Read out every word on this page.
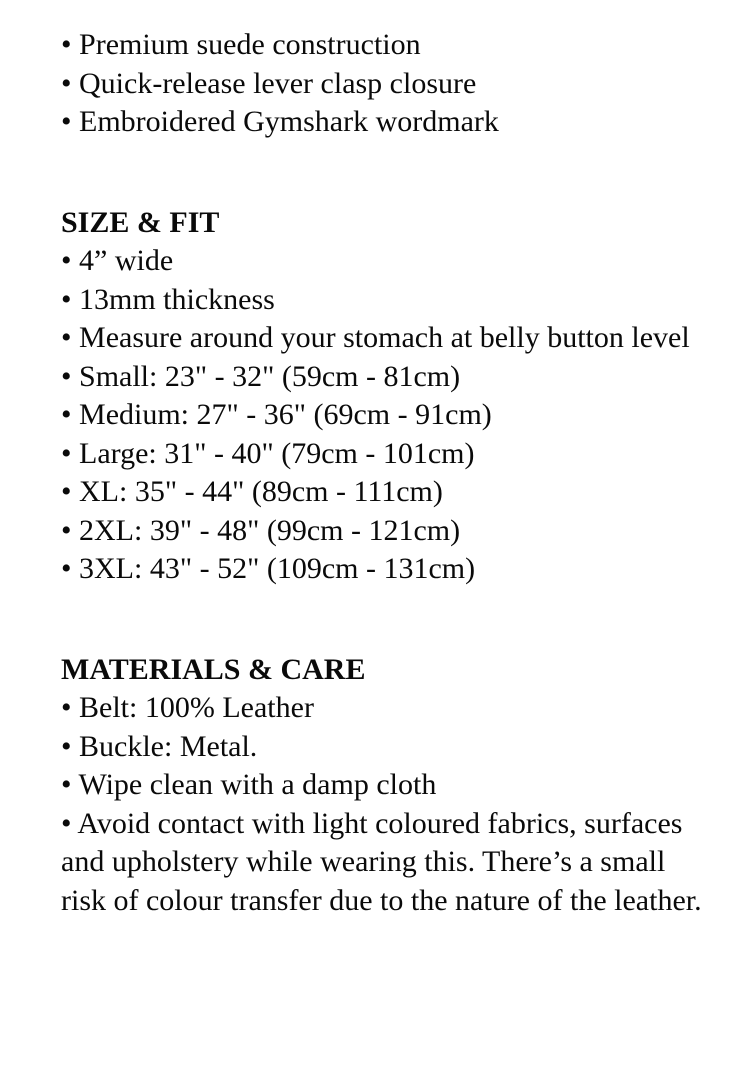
• Premium suede construction

• Quick-release lever clasp closure

• Embroidered Gymshark wordmark

SIZE & FIT

• 4” wide

• 13mm thickness

• Measure around your stomach at belly button level

• Small: 23" - 32" (59cm - 81cm)

• Medium: 27" - 36" (69cm - 91cm)

• Large: 31" - 40" (79cm - 101cm)

• XL: 35" - 44" (89cm - 111cm)

• 2XL: 39" - 48" (99cm - 121cm)

• 3XL: 43" - 52" (109cm - 131cm)

MATERIALS & CARE

• Belt: 100% Leather

• Buckle: Metal.

• Wipe clean with a damp cloth

• Avoid contact with light coloured fabrics, surfaces and upholstery while wearing this. There’s a small risk of colour transfer due to the nature of the leather.
